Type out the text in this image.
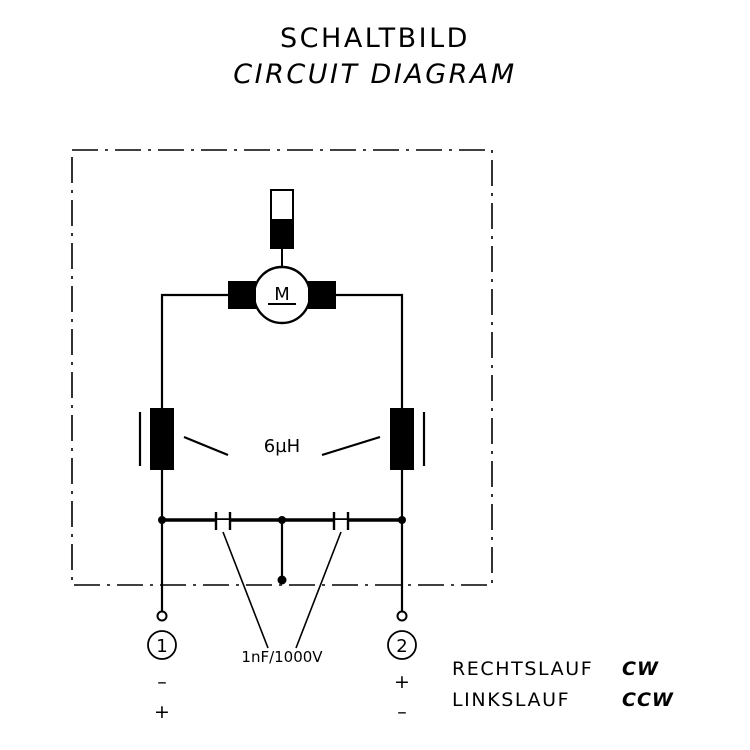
SCHALTBILD
CIRCUIT DIAGRAM
M
6µH
1nF/1000V
1
–
+
2
+
–
RECHTSLAUF	CW
LINKSLAUF	CCW
